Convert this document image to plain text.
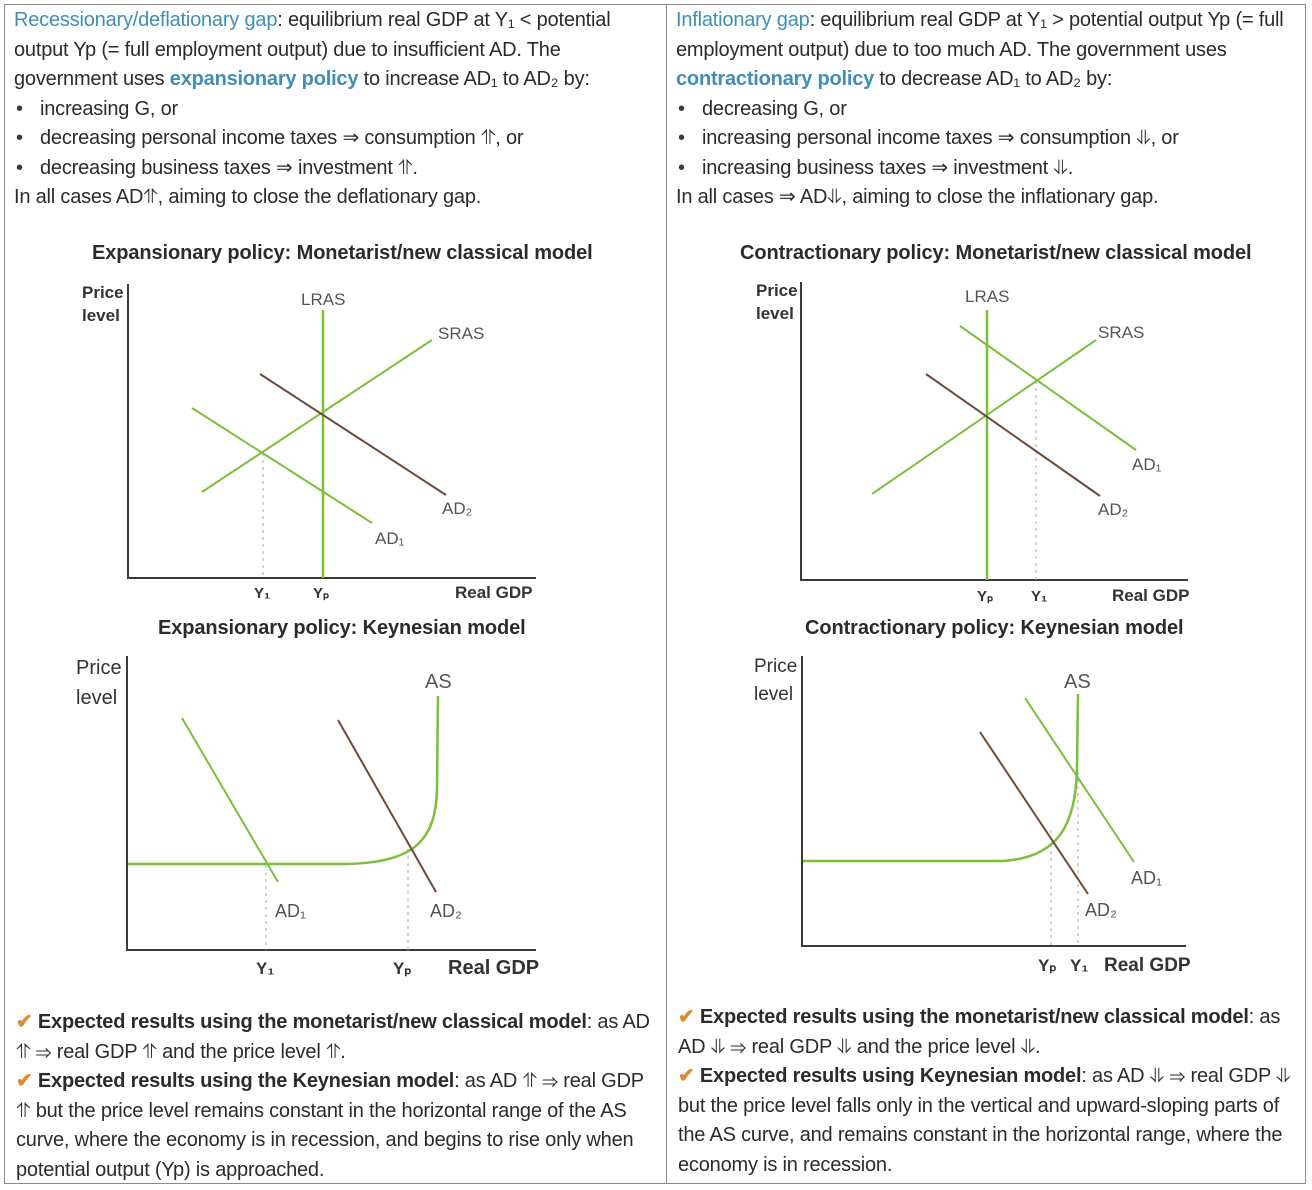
Recessionary/deflationary gap: equilibrium real GDP at Y₁ < potential output Yp (= full employment output) due to insufficient AD. The government uses expansionary policy to increase AD₁ to AD₂ by:
• increasing G, or
• decreasing personal income taxes ⇒ consumption ⥣, or
• decreasing business taxes ⇒ investment ⥣.
In all cases AD⥣, aiming to close the deflationary gap.
Expansionary policy: Monetarist/new classical model
Price
level
LRAS
SRAS
AD₁
AD₂
Y₁	Yₚ	Real GDP
Expansionary policy: Keynesian model
Price
level
AS
AD₁	AD₂
Y₁	Yₚ Real GDP
✔ Expected results using the monetarist/new classical model: as AD ⥣ ⇒ real GDP ⥣ and the price level ⥣.
✔ Expected results using the Keynesian model: as AD ⥣ ⇒ real GDP ⥣ but the price level remains constant in the horizontal range of the AS curve, where the economy is in recession, and begins to rise only when potential output (Yp) is approached.
Inflationary gap: equilibrium real GDP at Y₁ > potential output Yp (= full employment output) due to too much AD. The government uses contractionary policy to decrease AD₁ to AD₂ by:
• decreasing G, or
• increasing personal income taxes ⇒ consumption ⥥, or
• increasing business taxes ⇒ investment ⥥.
In all cases ⇒ AD⥥, aiming to close the inflationary gap.
Contractionary policy: Monetarist/new classical model
Price
level
LRAS
SRAS
AD₁
AD₂
Yₚ	Y₁	Real GDP
Contractionary policy: Keynesian model
Price
level
AS
AD₁
AD₂
Yₚ Y₁ Real GDP
✔ Expected results using the monetarist/new classical model: as AD ⥥ ⇒ real GDP ⥥ and the price level ⥥.
✔ Expected results using Keynesian model: as AD ⥥ ⇒ real GDP ⥥ but the price level falls only in the vertical and upward-sloping parts of the AS curve, and remains constant in the horizontal range, where the economy is in recession.
